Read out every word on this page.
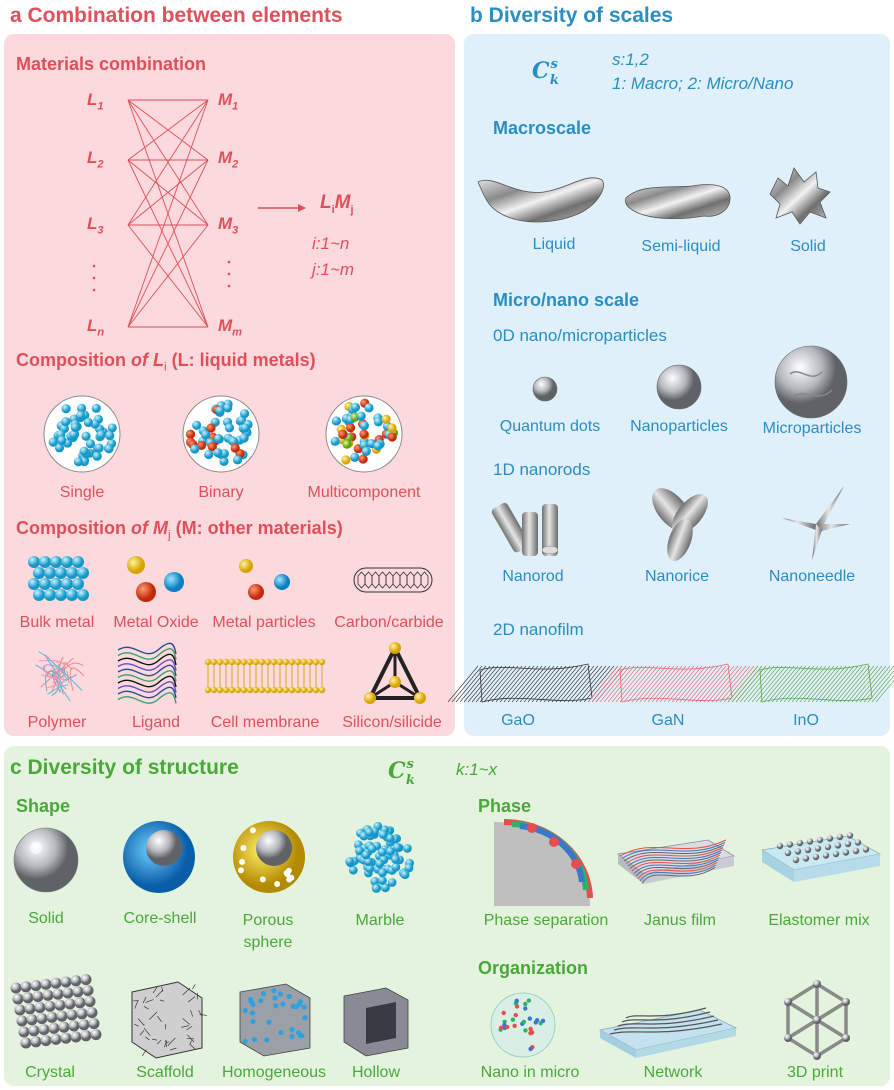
a Combination between elements
Materials combination
$L_1$
$L_2$
$L_3$
$L_n$
$M_1$
$M_2$
$M_3$
$M_m$
$L_iM_j$
i:1~n
j:1~m
Composition of $L_i$ (L: liquid metals)
Single	Binary	Multicomponent
Composition of $M_j$ (M: other materials)
Bulk metal	Metal Oxide Metal particles	Carbon/carbide
Polymer	Ligand	Cell membrane	Silicon/silicide
b Diversity of scales
$C^s_k$
s:1,2
1: Macro; 2: Micro/Nano
Macroscale
Liquid	Semi-liquid	Solid
Micro/nano scale
0D nano/microparticles
Quantum dots	Nanoparticles	Microparticles
1D nanorods
Nanorod	Nanorice	Nanoneedle
2D nanofilm
GaO	GaN	InO
c Diversity of structure	$C^s_k$
k:1~x
Shape
Solid	Core-shell	Porous
sphere
Marble
Crystal	Scaffold	Homogeneous	Hollow
Phase
Phase separation	Janus film	Elastomer mix
Organization
Nano in micro	Network	3D print
